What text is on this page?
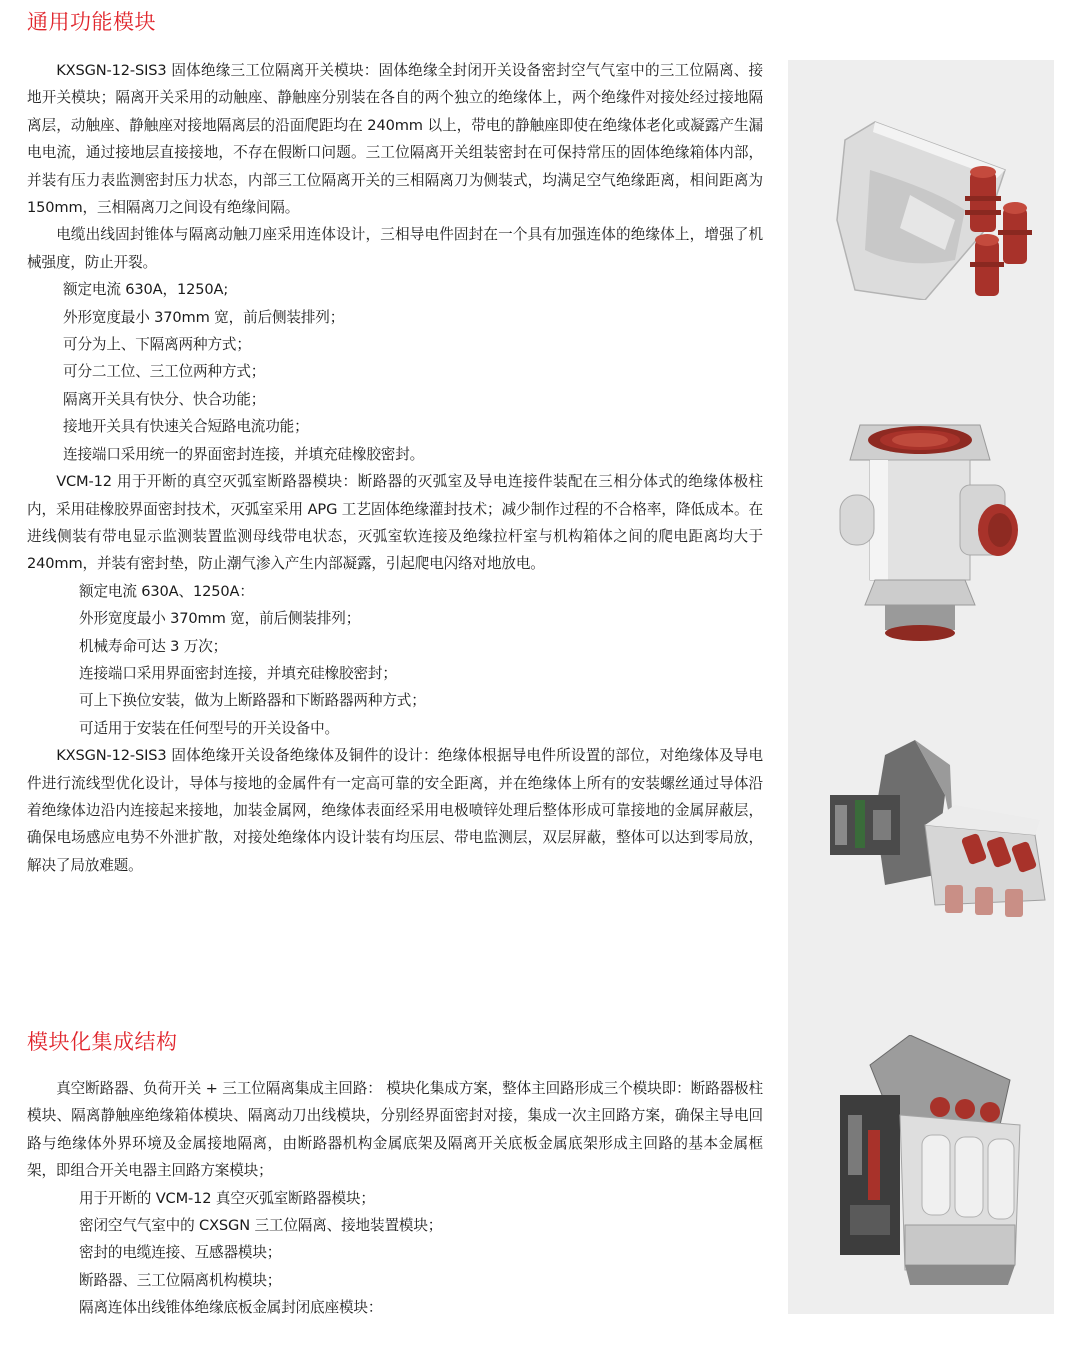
通用功能模块

KXSGN-12-SIS3 固体绝缘三工位隔离开关模块：固体绝缘全封闭开关设备密封空气气室中的三工位隔离、接地开关模块；隔离开关采用的动触座、静触座分别装在各自的两个独立的绝缘体上，两个绝缘件对接处经过接地隔离层，动触座、静触座对接地隔离层的沿面爬距均在 240mm 以上，带电的静触座即使在绝缘体老化或凝露产生漏电电流，通过接地层直接接地，不存在假断口问题。三工位隔离开关组装密封在可保持常压的固体绝缘箱体内部，并装有压力表监测密封压力状态，内部三工位隔离开关的三相隔离刀为侧装式，均满足空气绝缘距离，相间距离为 150mm，三相隔离刀之间设有绝缘间隔。

电缆出线固封锥体与隔离动触刀座采用连体设计，三相导电件固封在一个具有加强连体的绝缘体上，增强了机械强度，防止开裂。

额定电流 630A，1250A;

外形宽度最小 370mm 宽，前后侧装排列；

可分为上、下隔离两种方式；

可分二工位、三工位两种方式；

隔离开关具有快分、快合功能；

接地开关具有快速关合短路电流功能；

连接端口采用统一的界面密封连接，并填充硅橡胶密封。

VCM-12 用于开断的真空灭弧室断路器模块：断路器的灭弧室及导电连接件装配在三相分体式的绝缘体极柱内，采用硅橡胶界面密封技术，灭弧室采用 APG 工艺固体绝缘灌封技术；减少制作过程的不合格率，降低成本。在进线侧装有带电显示监测装置监测母线带电状态，灭弧室软连接及绝缘拉杆室与机构箱体之间的爬电距离均大于 240mm，并装有密封垫，防止潮气渗入产生内部凝露，引起爬电闪络对地放电。

额定电流 630A、1250A：

外形宽度最小 370mm 宽，前后侧装排列；

机械寿命可达 3 万次；

连接端口采用界面密封连接，并填充硅橡胶密封；

可上下换位安装，做为上断路器和下断路器两种方式；

可适用于安装在任何型号的开关设备中。

KXSGN-12-SIS3 固体绝缘开关设备绝缘体及铜件的设计：绝缘体根据导电件所设置的部位，对绝缘体及导电件进行流线型优化设计，导体与接地的金属件有一定高可靠的安全距离，并在绝缘体上所有的安装螺丝通过导体沿着绝缘体边沿内连接起来接地，加装金属网，绝缘体表面经采用电极喷锌处理后整体形成可靠接地的金属屏蔽层，确保电场感应电势不外泄扩散，对接处绝缘体内设计装有均压层、带电监测层，双层屏蔽，整体可以达到零局放，解决了局放难题。

模块化集成结构

真空断路器、负荷开关 + 三工位隔离集成主回路： 模块化集成方案，整体主回路形成三个模块即：断路器极柱模块、隔离静触座绝缘箱体模块、隔离动刀出线模块，分别经界面密封对接，集成一次主回路方案，确保主导电回路与绝缘体外界环境及金属接地隔离，由断路器机构金属底架及隔离开关底板金属底架形成主回路的基本金属框架，即组合开关电器主回路方案模块；

用于开断的 VCM-12 真空灭弧室断路器模块；

密闭空气气室中的 CXSGN 三工位隔离、接地装置模块；

密封的电缆连接、互感器模块；

断路器、三工位隔离机构模块；

隔离连体出线锥体绝缘底板金属封闭底座模块：
